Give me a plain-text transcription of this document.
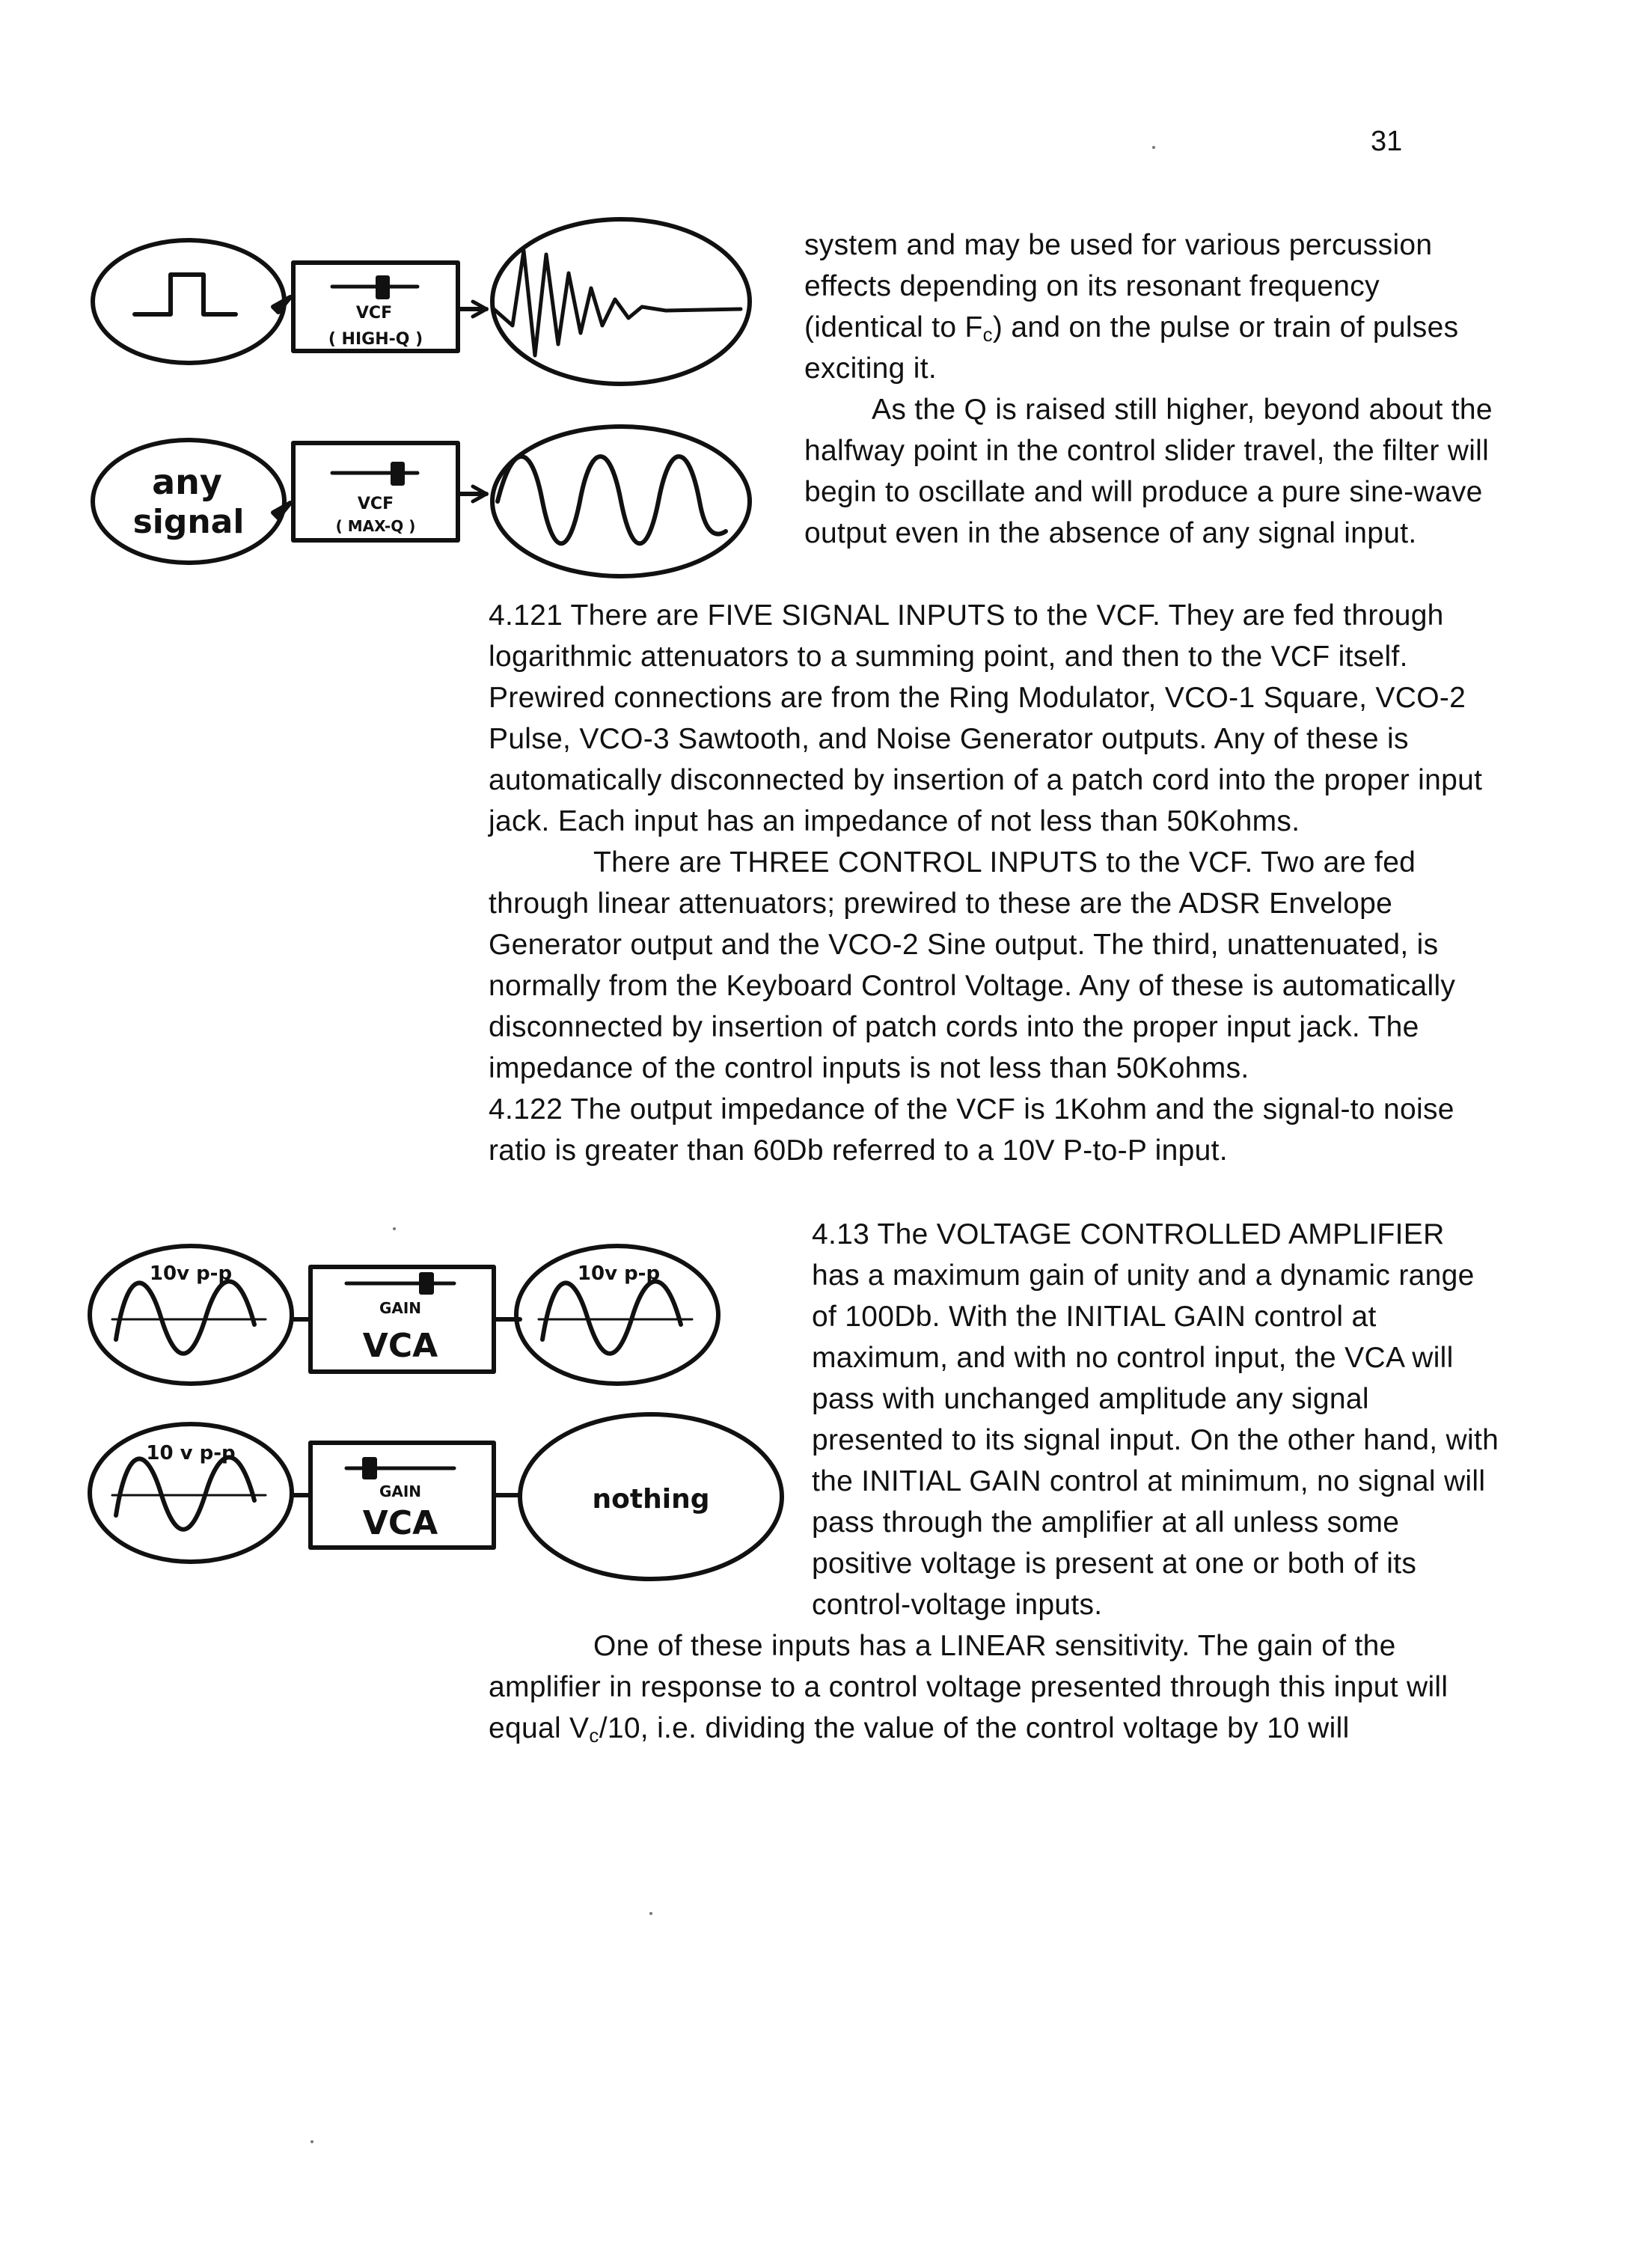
31
VCF
( HIGH-Q )
any
signal	VCF
( MAX-Q )
10v p-p
GAIN
VCA
10v p-p
10 v p-p
GAIN
VCA
nothing

system and may be used for various percussion effects depending on its resonant frequency (identical to $F_c$) and on the pulse or train of pulses exciting it.

As the Q is raised still higher, beyond about the halfway point in the control slider travel, the filter will begin to oscillate and will produce a pure sine-wave output even in the absence of any signal input.

4.121 There are FIVE SIGNAL INPUTS to the VCF. They are fed through logarithmic attenuators to a summing point, and then to the VCF itself. Prewired connections are from the Ring Modulator, VCO-1 Square, VCO-2 Pulse, VCO-3 Sawtooth, and Noise Generator outputs. Any of these is automatically disconnected by insertion of a patch cord into the proper input jack. Each input has an impedance of not less than 50Kohms.

There are THREE CONTROL INPUTS to the VCF. Two are fed through linear attenuators; prewired to these are the ADSR Envelope Generator output and the VCO-2 Sine output. The third, unattenuated, is normally from the Keyboard Control Voltage. Any of these is automatically disconnected by insertion of patch cords into the proper input jack. The impedance of the control inputs is not less than 50Kohms.

4.122 The output impedance of the VCF is 1Kohm and the signal-to noise ratio is greater than 60Db referred to a 10V P-to-P input.

4.13 The VOLTAGE CONTROLLED AMPLIFIER has a maximum gain of unity and a dynamic range of 100Db. With the INITIAL GAIN control at maximum, and with no control input, the VCA will pass with unchanged amplitude any signal presented to its signal input. On the other hand, with the INITIAL GAIN control at minimum, no signal will pass through the amplifier at all unless some positive voltage is present at one or both of its control-voltage inputs.

One of these inputs has a LINEAR sensitivity. The gain of the amplifier in response to a control voltage presented through this input will equal $V_c/10$, i.e. dividing the value of the control voltage by 10 will
